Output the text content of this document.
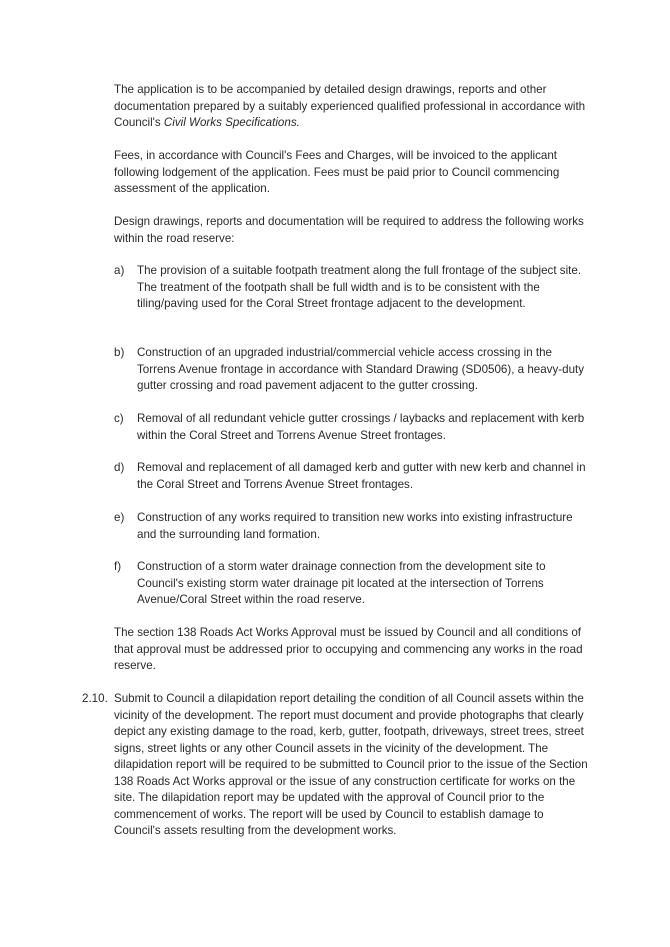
The application is to be accompanied by detailed design drawings, reports and other documentation prepared by a suitably experienced qualified professional in accordance with Council's Civil Works Specifications.

Fees, in accordance with Council's Fees and Charges, will be invoiced to the applicant following lodgement of the application. Fees must be paid prior to Council commencing assessment of the application.

Design drawings, reports and documentation will be required to address the following works within the road reserve:

a) The provision of a suitable footpath treatment along the full frontage of the subject site. The treatment of the footpath shall be full width and is to be consistent with the tiling/paving used for the Coral Street frontage adjacent to the development.
b) Construction of an upgraded industrial/commercial vehicle access crossing in the Torrens Avenue frontage in accordance with Standard Drawing (SD0506), a heavy-duty gutter crossing and road pavement adjacent to the gutter crossing.
c) Removal of all redundant vehicle gutter crossings / laybacks and replacement with kerb within the Coral Street and Torrens Avenue Street frontages.
d) Removal and replacement of all damaged kerb and gutter with new kerb and channel in the Coral Street and Torrens Avenue Street frontages.
e) Construction of any works required to transition new works into existing infrastructure and the surrounding land formation.
f) Construction of a storm water drainage connection from the development site to Council's existing storm water drainage pit located at the intersection of Torrens Avenue/Coral Street within the road reserve.

The section 138 Roads Act Works Approval must be issued by Council and all conditions of that approval must be addressed prior to occupying and commencing any works in the road reserve.

2.10. Submit to Council a dilapidation report detailing the condition of all Council assets within the vicinity of the development. The report must document and provide photographs that clearly depict any existing damage to the road, kerb, gutter, footpath, driveways, street trees, street signs, street lights or any other Council assets in the vicinity of the development. The dilapidation report will be required to be submitted to Council prior to the issue of the Section 138 Roads Act Works approval or the issue of any construction certificate for works on the site. The dilapidation report may be updated with the approval of Council prior to the commencement of works. The report will be used by Council to establish damage to Council's assets resulting from the development works.
